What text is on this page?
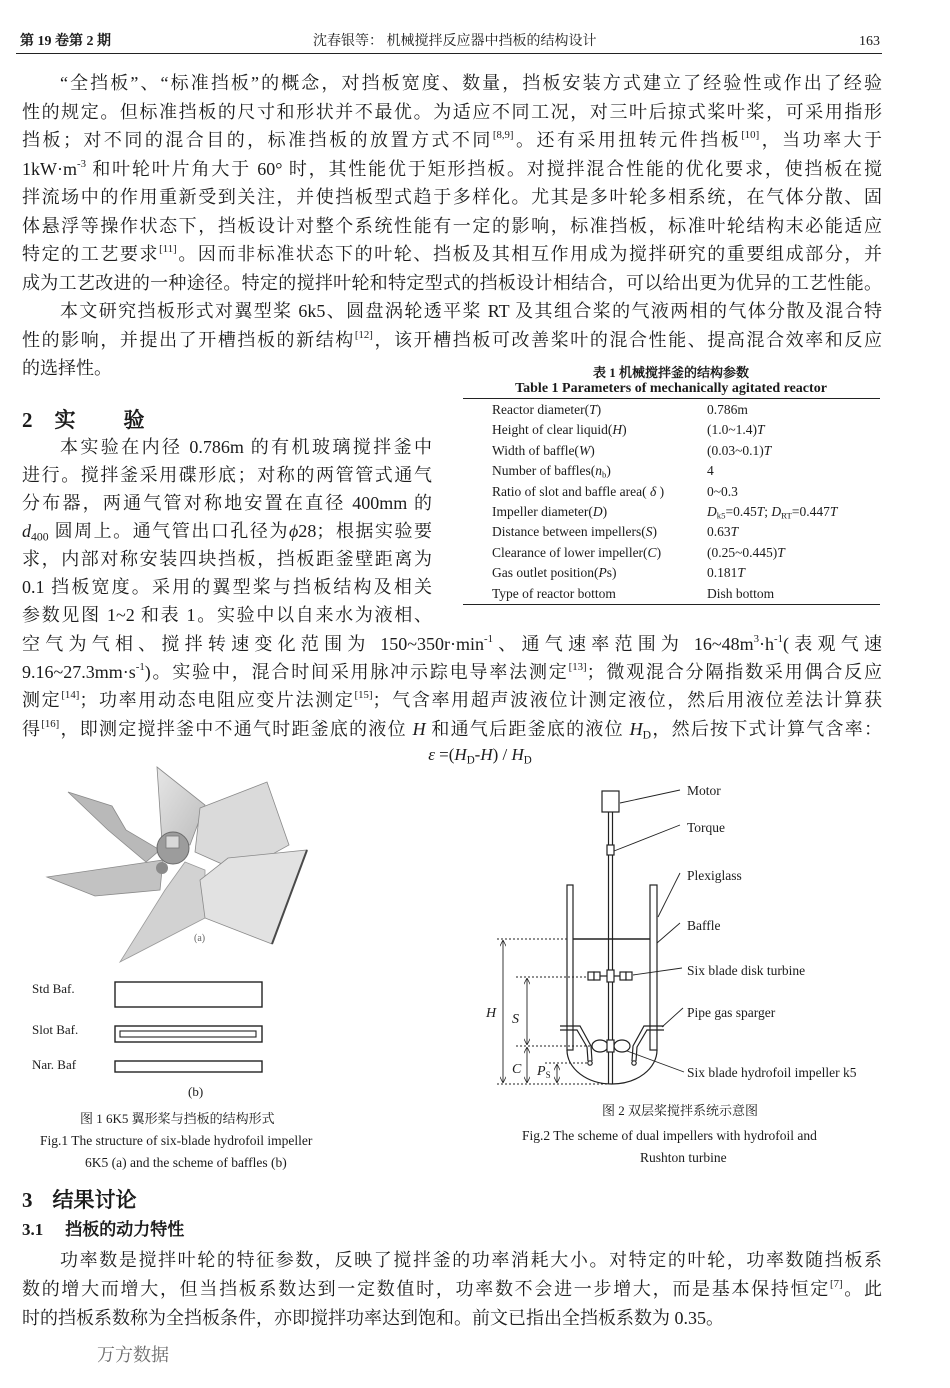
第 19 卷第 2 期	沈春银等： 机械搅拌反应器中挡板的结构设计	163
“全挡板”、“标准挡板”的概念，对挡板宽度、数量，挡板安装方式建立了经验性或作出了经验
性的规定。但标准挡板的尺寸和形状并不最优。为适应不同工况，对三叶后掠式桨叶桨，可采用指形
挡板；对不同的混合目的，标准挡板的放置方式不同[8,9]。还有采用扭转元件挡板[10]，当功率大于
$1kW\cdot m^{-3}$ 和叶轮叶片角大于 60° 时，其性能优于矩形挡板。对搅拌混合性能的优化要求，使挡板在搅
拌流场中的作用重新受到关注，并使挡板型式趋于多样化。尤其是多叶轮多相系统，在气体分散、固
体悬浮等操作状态下，挡板设计对整个系统性能有一定的影响，标准挡板，标准叶轮结构末必能适应
特定的工艺要求[11]。因而非标准状态下的叶轮、挡板及其相互作用成为搅拌研究的重要组成部分，并
成为工艺改进的一种途径。特定的搅拌叶轮和特定型式的挡板设计相结合，可以给出更为优异的工艺性能。
本文研究挡板形式对翼型桨 6k5、圆盘涡轮透平桨 RT 及其组合桨的气液两相的气体分散及混合特
性的影响，并提出了开槽挡板的新结构[12]，该开槽挡板可改善桨叶的混合性能、提高混合效率和反应
的选择性。	表 1 机械搅拌釜的结构参数
Table 1 Parameters of mechanically agitated reactor
Reactor diameter(T)	0.786m
Height of clear liquid(H)	(1.0~1.4)T
Width of baffle(W)	(0.03~0.1)T
Number of $baffles(n_b)$	4
Ratio of slot and baffle area( δ )	0~0.3
Impeller diameter(D)	$D_{k5}=0.45T$; $D_{RT}=0.447T$
Distance between impellers(S)	0.63T
Clearance of lower impeller(C)	(0.25~0.445)T
Gas outlet position(Ps)	0.181T
Type of reactor bottom	Dish bottom
2 实验
本实验在内径 0.786m 的有机玻璃搅拌釜中
进行。搅拌釜采用碟形底；对称的两管管式通气
分布器，两通气管对称地安置在直径 400mm 的
$d_{400}$ 圆周上。通气管出口孔径为ϕ28；根据实验要
求，内部对称安装四块挡板，挡板距釜壁距离为
0.1 挡板宽度。采用的翼型桨与挡板结构及相关
参数见图 1~2 和表 1。实验中以自来水为液相、
空气为气相、搅拌转速变化范围为 $150\sim 350r\cdot\min^{-1}$、通气速率范围为 $16\sim 48m^3\cdot h^{-1}$(表观气速
$9.16\sim 27.3mm\cdot s^{-1}$)。实验中，混合时间采用脉冲示踪电导率法测定[13]；微观混合分隔指数采用偶合反应
测定[14]；功率用动态电阻应变片法测定[15]；气含率用超声波液位计测定液位，然后用液位差法计算获
得[16]，即测定搅拌釜中不通气时距釜底的液位 H 和通气后距釜底的液位 $H_D$，然后按下式计算气含率：
$\varepsilon =(H_D-H) / H_D$
(a)
Std Baf.
Slot Baf.
Nar. Baf
(b)
图 1 6K5 翼形桨与挡板的结构形式
Fig.1 The structure of six-blade hydrofoil impeller
6K5 (a) and the scheme of baffles (b)
H S
C $P_S$
Motor
Torque
Plexiglass
Baffle
Six blade disk turbine
Pipe gas sparger
Six blade hydrofoil impeller k5
图 2 双层桨搅拌系统示意图
Fig.2 The scheme of dual impellers with hydrofoil and
Rushton turbine
3 结果讨论
3.1 挡板的动力特性
功率数是搅拌叶轮的特征参数，反映了搅拌釜的功率消耗大小。对特定的叶轮，功率数随挡板系
数的增大而增大，但当挡板系数达到一定数值时，功率数不会进一步增大，而是基本保持恒定[7]。此
时的挡板系数称为全挡板条件，亦即搅拌功率达到饱和。前文已指出全挡板系数为 0.35。
万方数据
